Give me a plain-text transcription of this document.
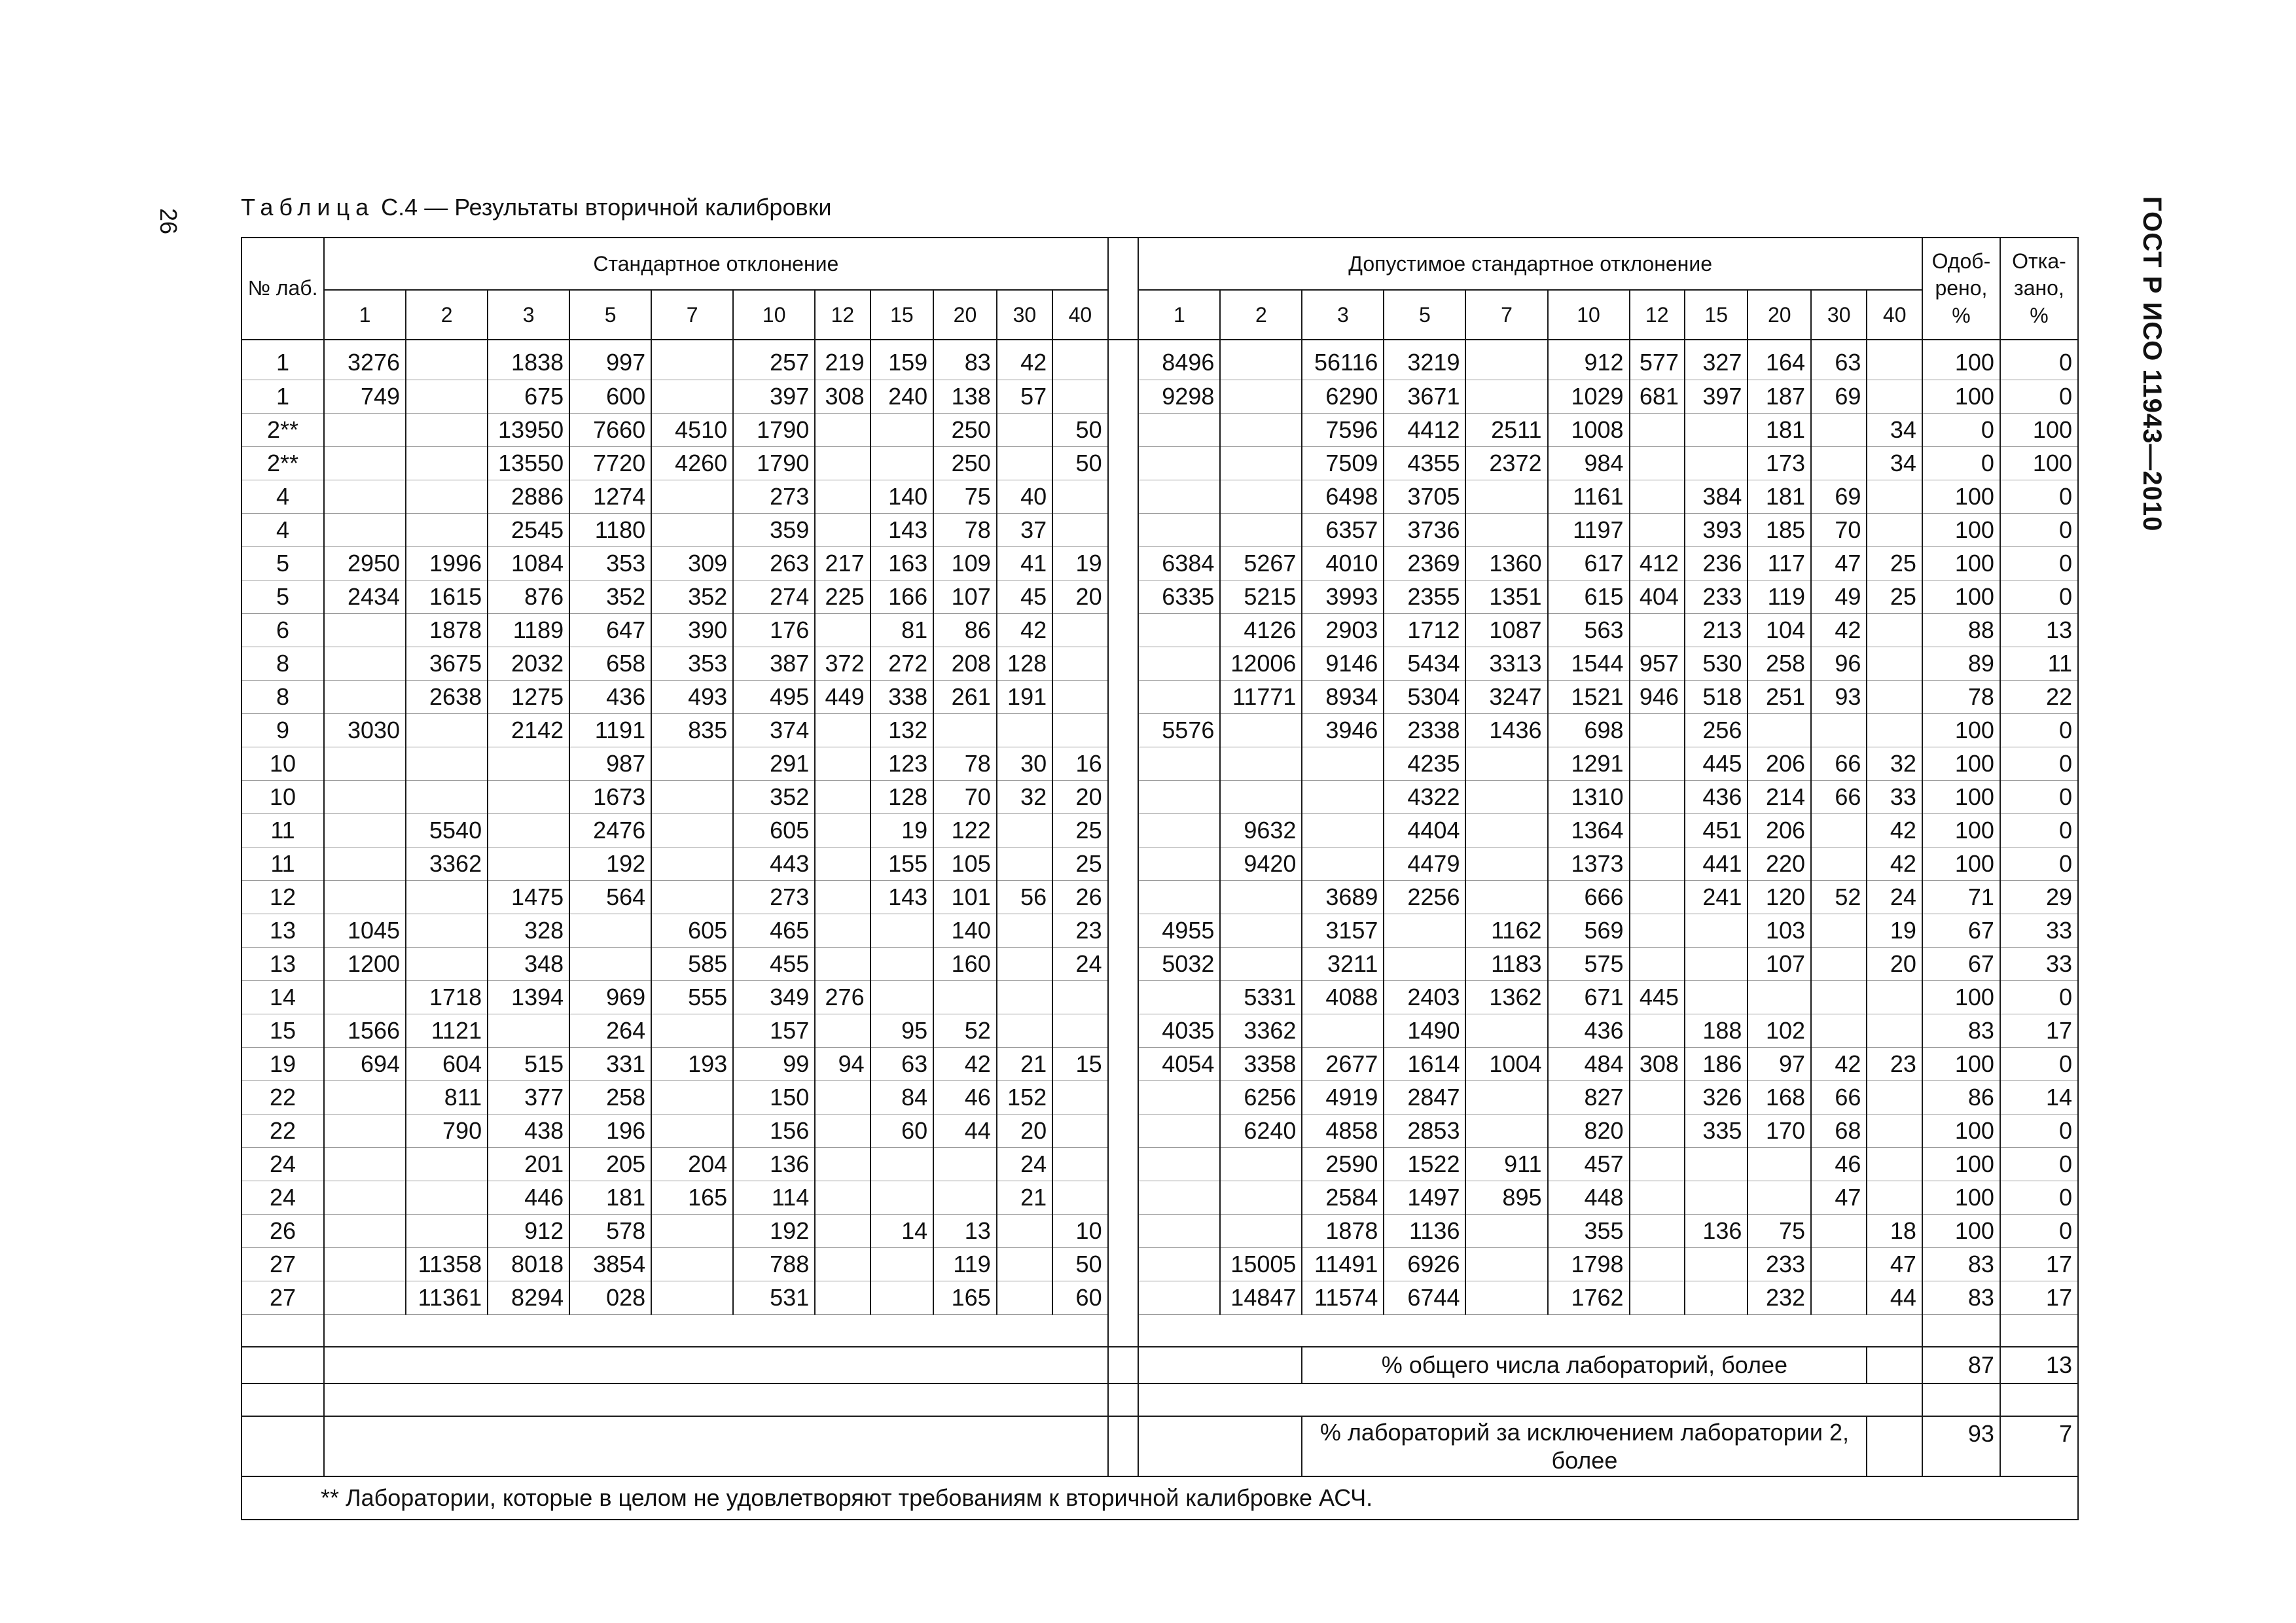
26	ГОСТ Р ИСО 11943—2010
Таблица С.4 — Результаты вторичной калибровки
№ лаб.	Стандартное отклонение												Допустимое стандартное отклонение											Одоб-рено, %	Отка-зано, %
	1	2	3	5	7	10	12	15	20	30	40		1	2	3	5	7	10	12	15	20	30	40		

1	3276		1838	997		257	219	159	83	42			8496		56116	3219		912	577	327	164	63		100	0
1	749		675	600		397	308	240	138	57			9298		6290	3671		1029	681	397	187	69		100	0
2**			13950	7660	4510	1790			250		50				7596	4412	2511	1008			181		34	0	100
2**			13550	7720	4260	1790			250		50				7509	4355	2372	984			173		34	0	100
4			2886	1274		273		140	75	40					6498	3705		1161		384	181	69		100	0
4			2545	1180		359		143	78	37					6357	3736		1197		393	185	70		100	0
5	2950	1996	1084	353	309	263	217	163	109	41	19		6384	5267	4010	2369	1360	617	412	236	117	47	25	100	0
5	2434	1615	876	352	352	274	225	166	107	45	20		6335	5215	3993	2355	1351	615	404	233	119	49	25	100	0
6		1878	1189	647	390	176		81	86	42				4126	2903	1712	1087	563		213	104	42		88	13
8		3675	2032	658	353	387	372	272	208	128				12006	9146	5434	3313	1544	957	530	258	96		89	11
8		2638	1275	436	493	495	449	338	261	191				11771	8934	5304	3247	1521	946	518	251	93		78	22
9	3030		2142	1191	835	374		132					5576		3946	2338	1436	698		256				100	0
10				987		291		123	78	30	16					4235		1291		445	206	66	32	100	0
10				1673		352		128	70	32	20					4322		1310		436	214	66	33	100	0
11		5540		2476		605		19	122		25			9632		4404		1364		451	206		42	100	0
11		3362		192		443		155	105		25			9420		4479		1373		441	220		42	100	0
12			1475	564		273		143	101	56	26				3689	2256		666		241	120	52	24	71	29
13	1045		328		605	465			140		23		4955		3157		1162	569			103		19	67	33
13	1200		348		585	455			160		24		5032		3211		1183	575			107		20	67	33
14		1718	1394	969	555	349	276							5331	4088	2403	1362	671	445					100	0
15	1566	1121		264		157		95	52				4035	3362		1490		436		188	102			83	17
19	694	604	515	331	193	99	94	63	42	21	15		4054	3358	2677	1614	1004	484	308	186	97	42	23	100	0
22		811	377	258		150		84	46	152				6256	4919	2847		827		326	168	66		86	14
22		790	438	196		156		60	44	20				6240	4858	2853		820		335	170	68		100	0
24			201	205	204	136				24					2590	1522	911	457				46		100	0
24			446	181	165	114				21					2584	1497	895	448				47		100	0
26			912	578		192		14	13		10				1878	1136		355		136	75		18	100	0
27		11358	8018	3854		788			119		50			15005	11491	6926		1798			233		47	83	17
27		11361	8294	028		531			165		60			14847	11574	6744		1762			232		44	83	17

															% общего числа лабораторий, более									87	13

															% лабораторий за исключением лаборатории 2, более									93	7
** Лаборатории, которые в целом не удовлетворяют требованиям к вторичной калибровке АСЧ.																									
